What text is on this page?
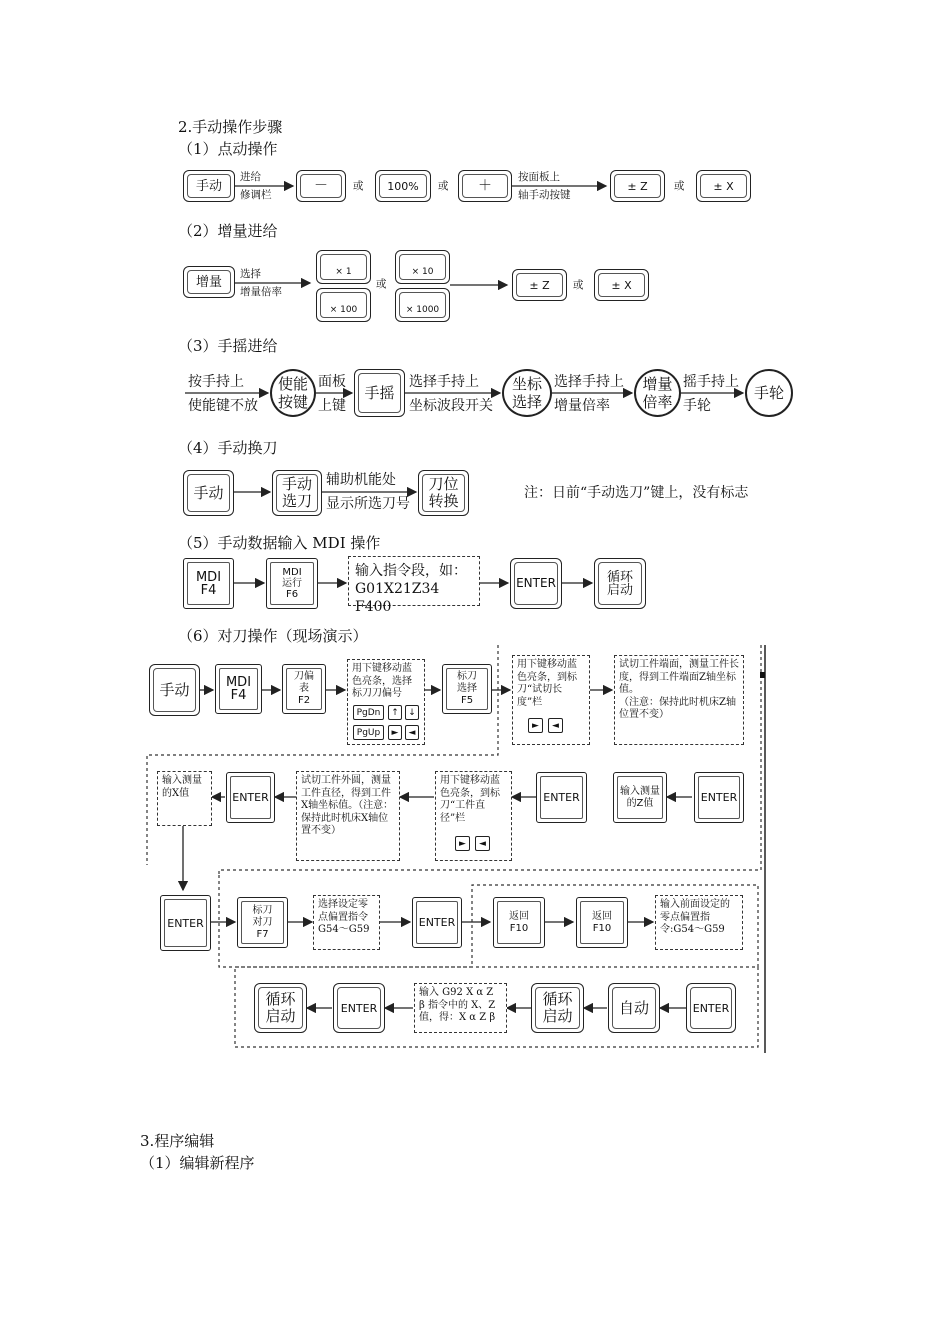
2.手动操作步骤
（1）点动操作
（2）增量进给
（3）手摇进给
（4）手动换刀
（5）手动数据输入 MDI 操作
（6）对刀操作（现场演示）
3.程序编辑
（1）编辑新程序
手动
进给
修调栏
－	或	100%	或	＋
按面板上
轴手动按键
± Z	或	± X
增量
选择
增量倍率
× 1
× 100
或
× 10
× 1000
± Z	或	± X
按手持上
使能键不放
使能
按键
面板
上键
手摇
选择手持上
坐标波段开关
坐标
选择
选择手持上
增量倍率
增量
倍率
摇手持上
手轮
手轮
手动	手动
选刀
辅助机能处
显示所选刀号
刀位
转换	注：日前“手动选刀”键上，没有标志
MDI
F4
MDI
运行
F6
输入指令段，如：
G01X21Z34 F400
ENTER	循环
启动
手动	MDI
F4
刀偏
表
F2
用下键移动蓝色亮条，选择标刀刀偏号
PgDn	↑	↓
PgUp	►	◄
标刀
选择
F5
用下键移动蓝色亮条，到标刀“试切长度”栏
►	◄
试切工件端面，测量工件长度，得到工件端面Z轴坐标值。
（注意：保持此时机床Z轴位置不变）
ENTER
输入测量的Z值
ENTER
用下键移动蓝色亮条，到标刀“工件直径”栏
►	◄
ENTER
试切工件外圆，测量工件直径，得到工件X轴坐标值。（注意：保持此时机床X轴位置不变）
输入测量的X值
ENTER
标刀
对刀
F7
选择设定零点偏置指令G54～G59
ENTER	返回
F10
返回
F10
输入前面设定的零点偏置指令:G54～G59
ENTER
自动
循环
启动
输入 G92 X α Z β 指令中的 X、Z 值，得：X α Z β
ENTER
循环
启动
